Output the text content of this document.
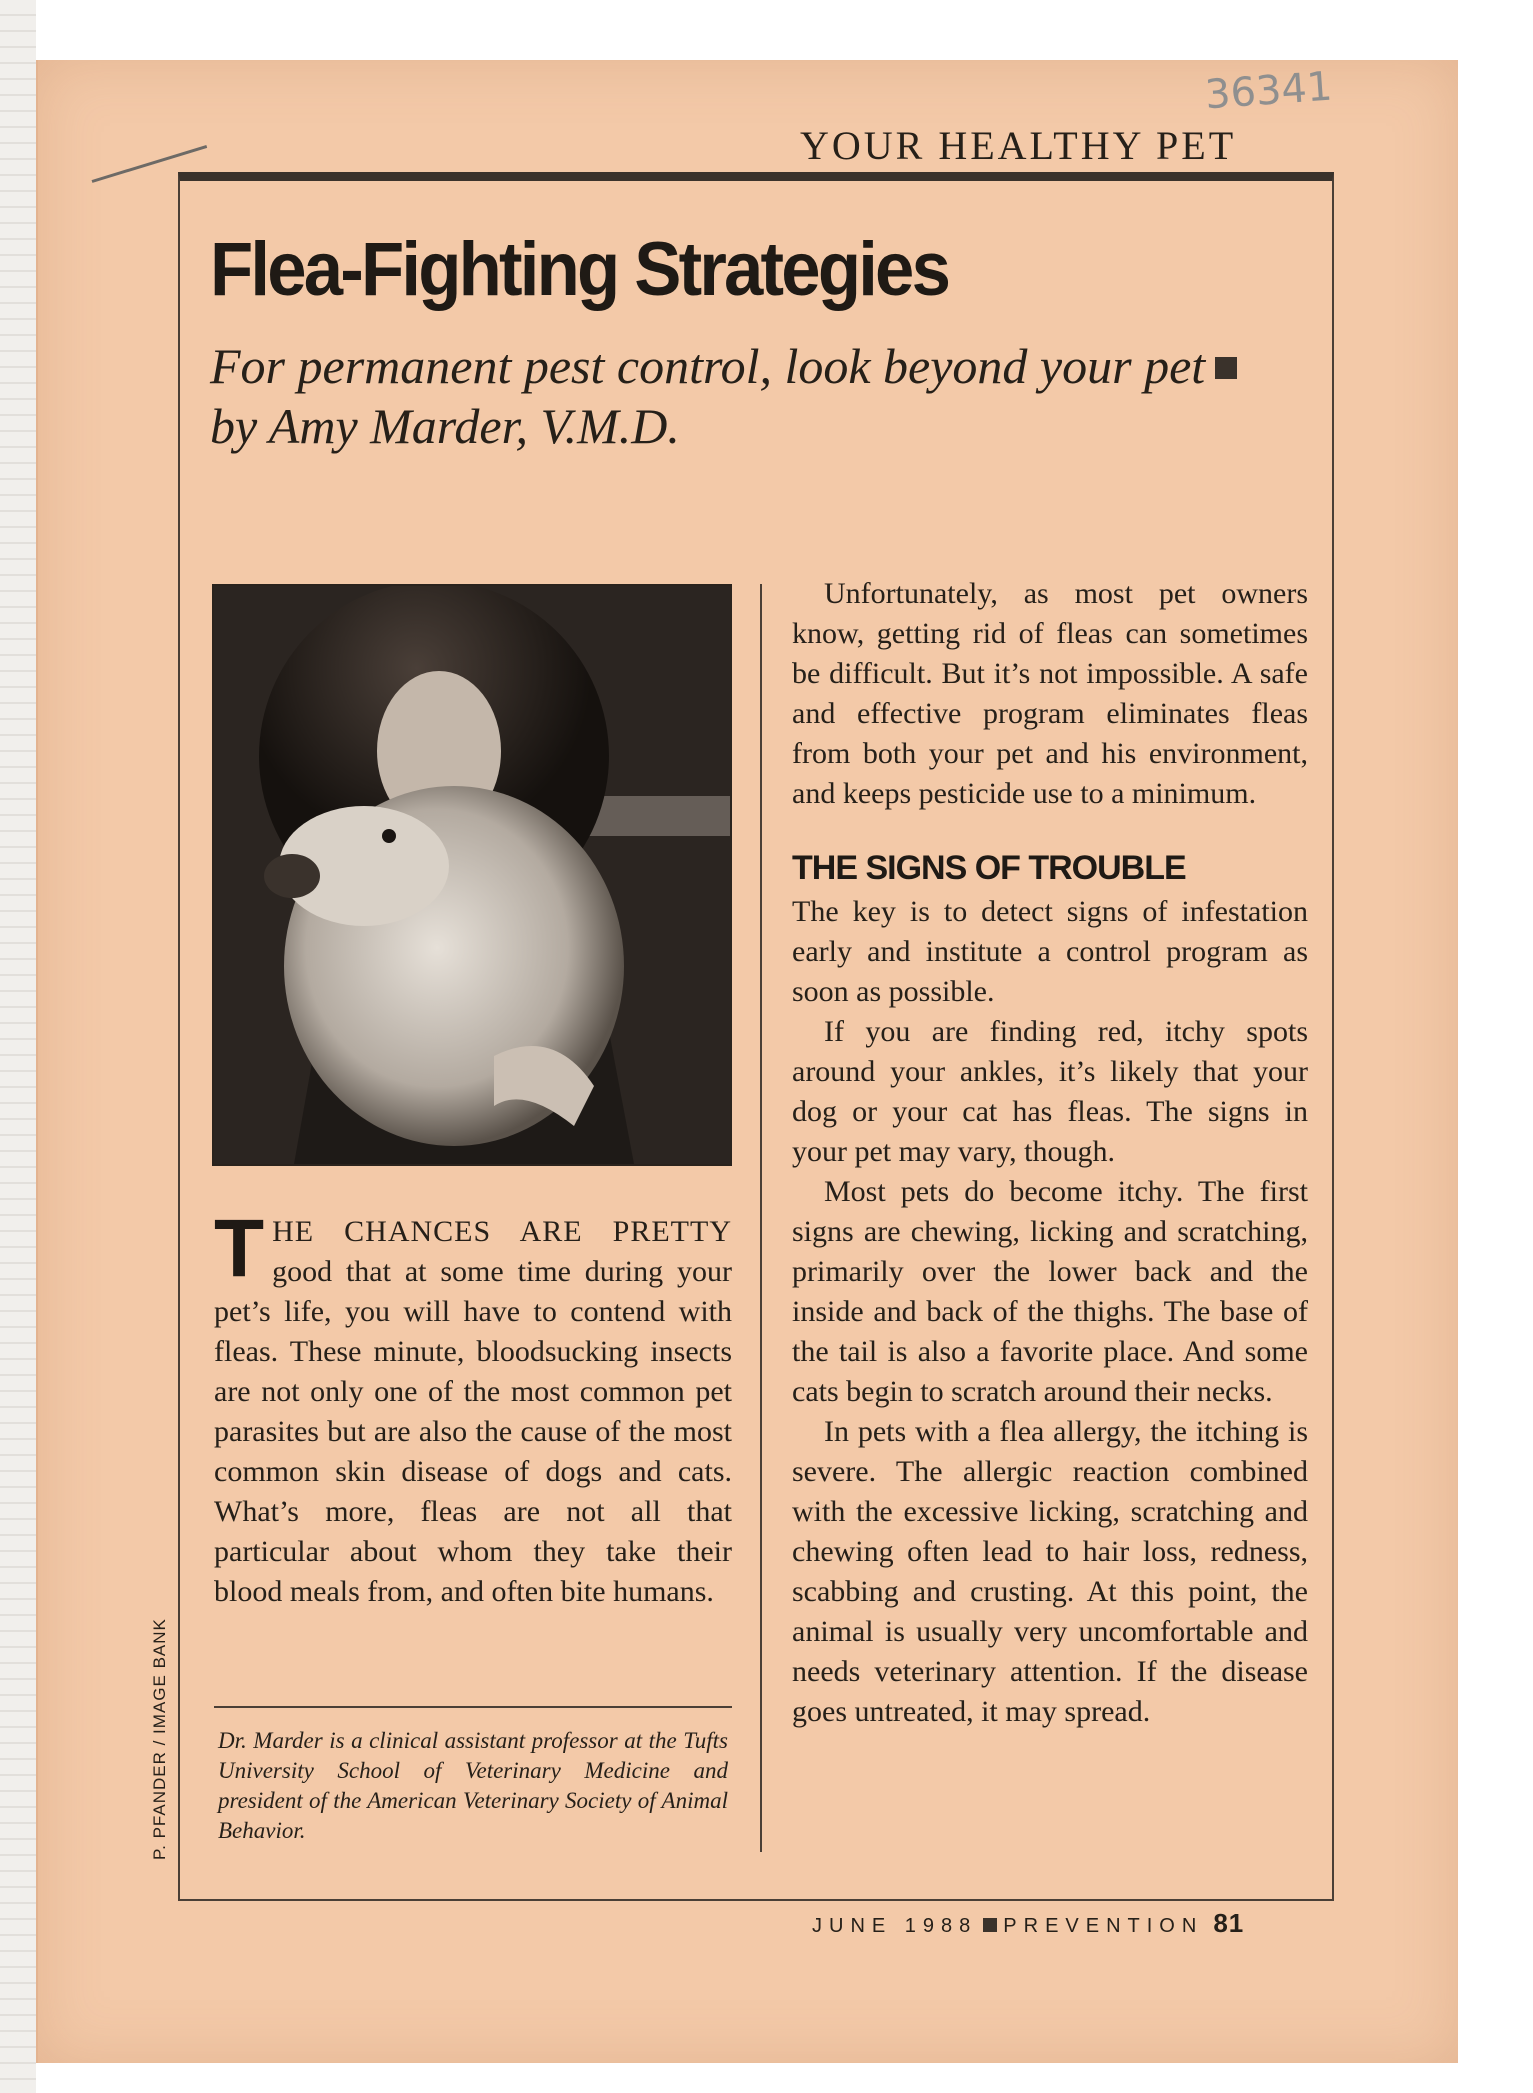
36341
YOUR HEALTHY PET
Flea-Fighting Strategies
For permanent pest control, look beyond your petby Amy Marder, V.M.D.
THE CHANCES ARE PRETTY good that at some time during your pet’s life, you will have to contend with fleas. These minute, bloodsucking insects are not only one of the most common pet parasites but are also the cause of the most common skin disease of dogs and cats. What’s more, fleas are not all that particular about whom they take their blood meals from, and often bite humans.
Dr. Marder is a clinical assistant professor at the Tufts University School of Veterinary Medicine and president of the American Veterinary Society of Animal Behavior.
P. PFANDER / IMAGE BANK

Unfortunately, as most pet owners know, getting rid of fleas can sometimes be difficult. But it’s not impossible. A safe and effective program eliminates fleas from both your pet and his environment, and keeps pesticide use to a minimum.

THE SIGNS OF TROUBLE

The key is to detect signs of infestation early and institute a control program as soon as possible.

If you are finding red, itchy spots around your ankles, it’s likely that your dog or your cat has fleas. The signs in your pet may vary, though.

Most pets do become itchy. The first signs are chewing, licking and scratching, primarily over the lower back and the inside and back of the thighs. The base of the tail is also a favorite place. And some cats begin to scratch around their necks.

In pets with a flea allergy, the itching is severe. The allergic reaction combined with the excessive licking, scratching and chewing often lead to hair loss, redness, scabbing and crusting. At this point, the animal is usually very uncomfortable and needs veterinary attention. If the disease goes untreated, it may spread.

JUNE 1988 PREVENTION 81
